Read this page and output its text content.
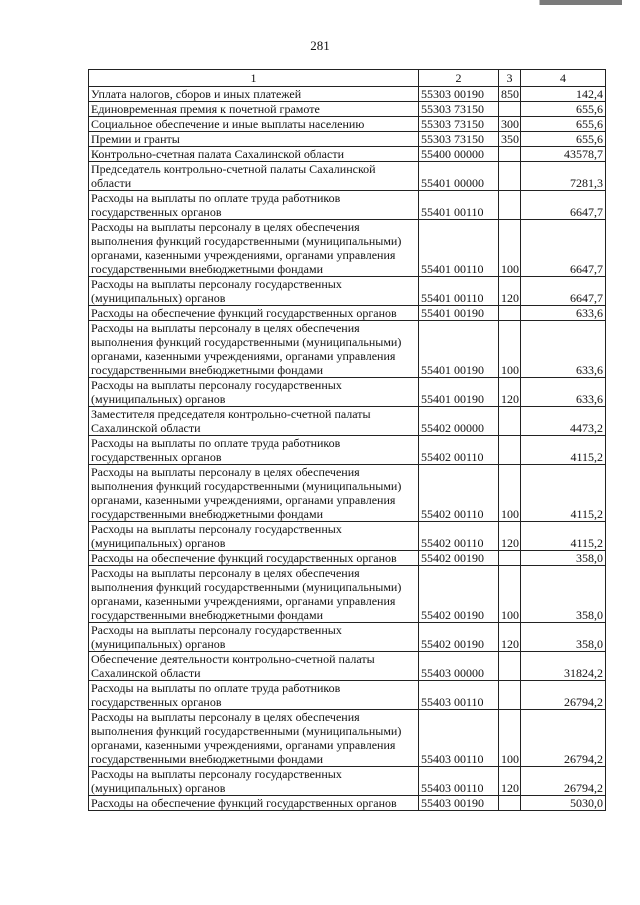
281
1	2	3	4
Уплата налогов, сборов и иных платежей	55303 00190	850	142,4
Единовременная премия к почетной грамоте	55303 73150		655,6
Социальное обеспечение и иные выплаты населению	55303 73150	300	655,6
Премии и гранты	55303 73150	350	655,6
Контрольно-счетная палата Сахалинской области	55400 00000		43578,7
Председатель контрольно-счетной палаты Сахалинской области	55401 00000		7281,3
Расходы на выплаты по оплате труда работников государственных органов	55401 00110		6647,7
Расходы на выплаты персоналу в целях обеспечения выполнения функций государственными (муниципальными) органами, казенными учреждениями, органами управления государственными внебюджетными фондами	55401 00110	100	6647,7
Расходы на выплаты персоналу государственных (муниципальных) органов	55401 00110	120	6647,7
Расходы на обеспечение функций государственных органов	55401 00190		633,6
Расходы на выплаты персоналу в целях обеспечения выполнения функций государственными (муниципальными) органами, казенными учреждениями, органами управления государственными внебюджетными фондами	55401 00190	100	633,6
Расходы на выплаты персоналу государственных (муниципальных) органов	55401 00190	120	633,6
Заместителя председателя контрольно-счетной палаты Сахалинской области	55402 00000		4473,2
Расходы на выплаты по оплате труда работников государственных органов	55402 00110		4115,2
Расходы на выплаты персоналу в целях обеспечения выполнения функций государственными (муниципальными) органами, казенными учреждениями, органами управления государственными внебюджетными фондами	55402 00110	100	4115,2
Расходы на выплаты персоналу государственных (муниципальных) органов	55402 00110	120	4115,2
Расходы на обеспечение функций государственных органов	55402 00190		358,0
Расходы на выплаты персоналу в целях обеспечения выполнения функций государственными (муниципальными) органами, казенными учреждениями, органами управления государственными внебюджетными фондами	55402 00190	100	358,0
Расходы на выплаты персоналу государственных (муниципальных) органов	55402 00190	120	358,0
Обеспечение деятельности контрольно-счетной палаты Сахалинской области	55403 00000		31824,2
Расходы на выплаты по оплате труда работников государственных органов	55403 00110		26794,2
Расходы на выплаты персоналу в целях обеспечения выполнения функций государственными (муниципальными) органами, казенными учреждениями, органами управления государственными внебюджетными фондами	55403 00110	100	26794,2
Расходы на выплаты персоналу государственных (муниципальных) органов	55403 00110	120	26794,2
Расходы на обеспечение функций государственных органов	55403 00190		5030,0
